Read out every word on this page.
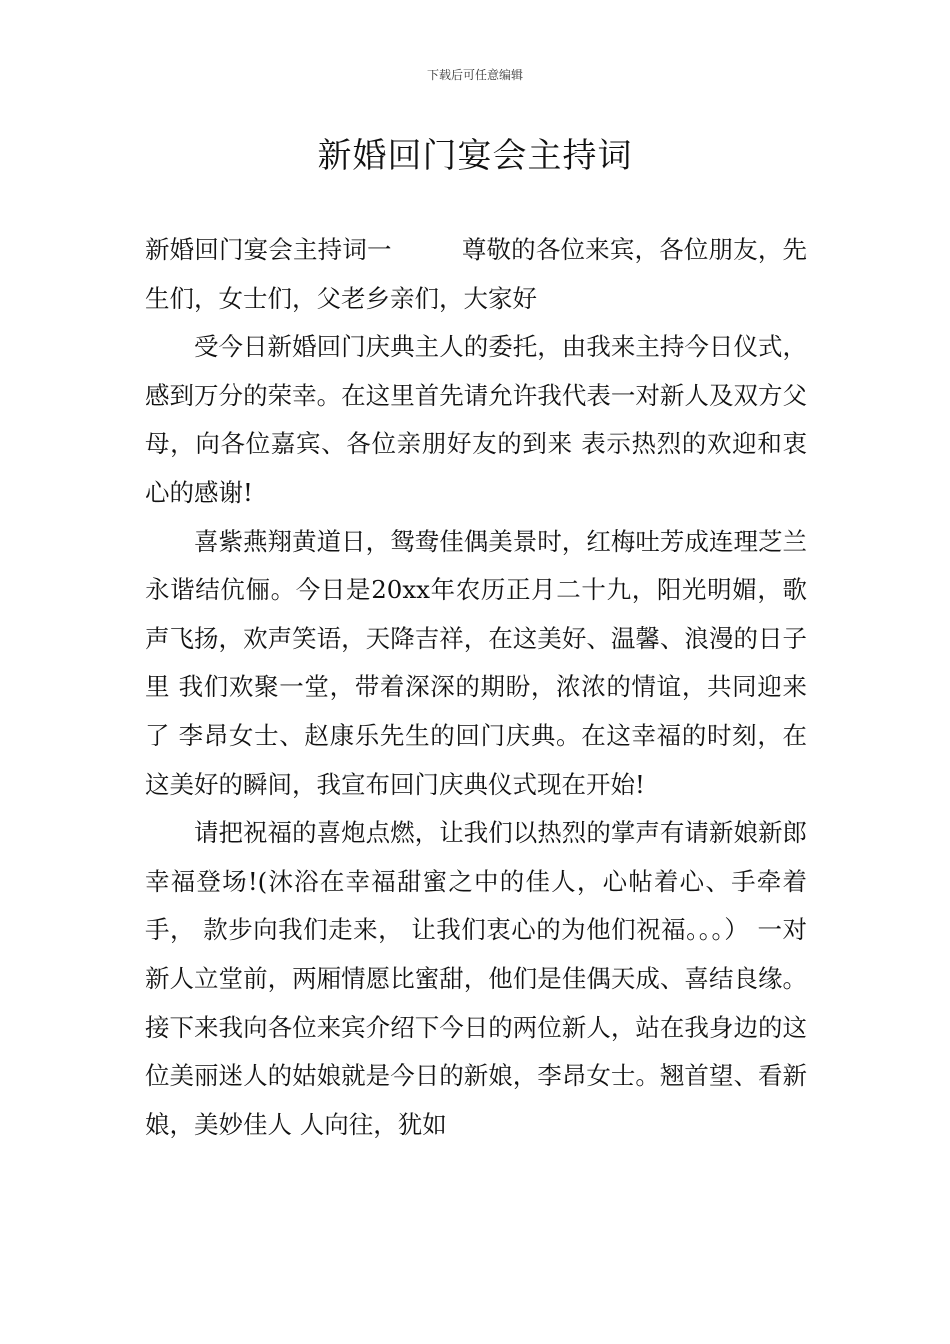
下载后可任意编辑
新婚回门宴会主持词

新婚回门宴会主持词一	尊敬的各位来宾，各位朋友，先生们，女士们，父老乡亲们，大家好

受今日新婚回门庆典主人的委托，由我来主持今日仪式，感到万分的荣幸。在这里首先请允许我代表一对新人及双方父母，向各位嘉宾、各位亲朋好友的到来 表示热烈的欢迎和衷心的感谢!

喜紫燕翔黄道日，鸳鸯佳偶美景时，红梅吐芳成连理芝兰永谐结伉俪。今日是20xx年农历正月二十九，阳光明媚，歌声飞扬，欢声笑语，天降吉祥，在这美好、温馨、浪漫的日子里 我们欢聚一堂，带着深深的期盼，浓浓的情谊，共同迎来了 李昂女士、赵康乐先生的回门庆典。在这幸福的时刻，在这美好的瞬间，我宣布回门庆典仪式现在开始!

请把祝福的喜炮点燃，让我们以热烈的掌声有请新娘新郎幸福登场!(沐浴在幸福甜蜜之中的佳人，心帖着心、手牵着手， 款步向我们走来， 让我们衷心的为他们祝福。。。） 一对新人立堂前，两厢情愿比蜜甜，他们是佳偶天成、喜结良缘。接下来我向各位来宾介绍下今日的两位新人，站在我身边的这位美丽迷人的姑娘就是今日的新娘，李昂女士。翘首望、看新娘，美妙佳人 人向往，犹如
